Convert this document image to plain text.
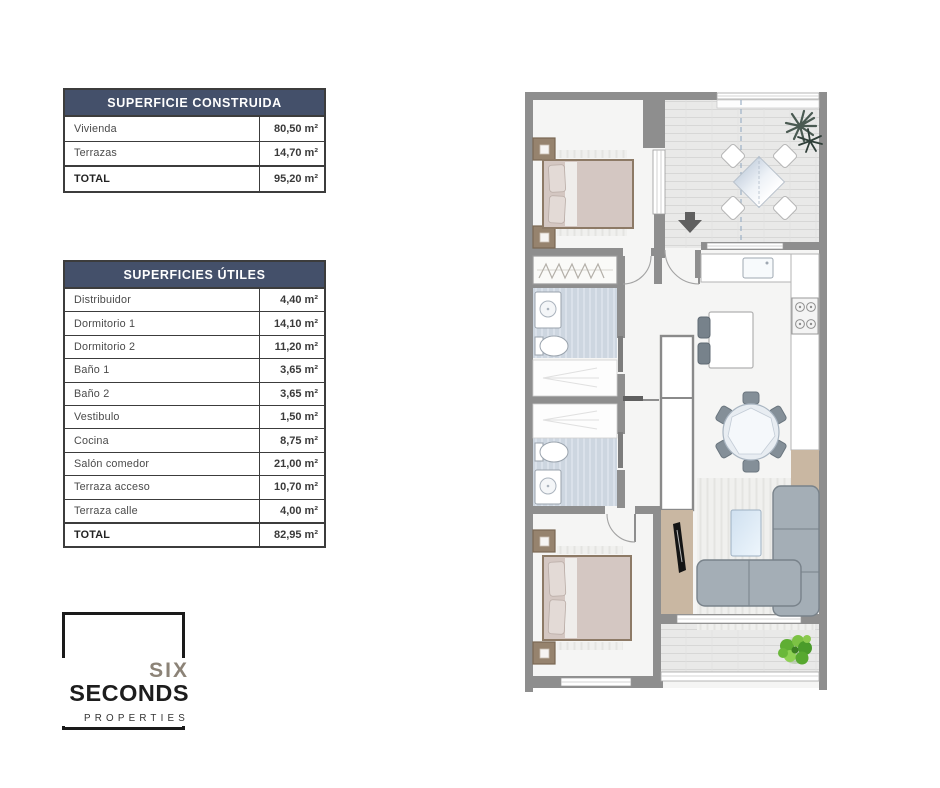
SUPERFICIE CONSTRUIDA
Vivienda	80,50 m²
Terrazas	14,70 m²
TOTAL	95,20 m²
SUPERFICIES ÚTILES
Distribuidor	4,40 m²
Dormitorio 1	14,10 m²
Dormitorio 2	11,20 m²
Baño 1	3,65 m²
Baño 2	3,65 m²
Vestibulo	1,50 m²
Cocina	8,75 m²
Salón comedor	21,00 m²
Terraza acceso	10,70 m²
Terraza calle	4,00 m²
TOTAL	82,95 m²
SIX
SECONDS
PROPERTIES
